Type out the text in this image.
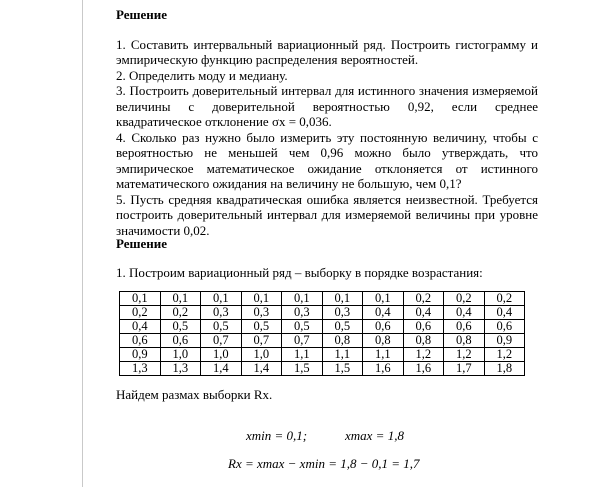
Решение
1. Составить интервальный вариационный ряд. Построить гистограмму и эмпирическую функцию распределения вероятностей.
2. Определить моду и медиану.
3. Построить доверительный интервал для истинного значения измеряемой величины с доверительной вероятностью 0,92, если среднее квадратическое отклонение σx = 0,036.
4. Сколько раз нужно было измерить эту постоянную величину, чтобы с вероятностью не меньшей чем 0,96 можно было утверждать, что эмпирическое математическое ожидание отклоняется от истинного математического ожидания на величину не большую, чем 0,1?
5. Пусть средняя квадратическая ошибка является неизвестной. Требуется построить доверительный интервал для измеряемой величины при уровне значимости 0,02.
Решение
1. Построим вариационный ряд – выборку в порядке возрастания:
0,1	0,1	0,1	0,1	0,1	0,1	0,1	0,2	0,2	0,2
0,2	0,2	0,3	0,3	0,3	0,3	0,4	0,4	0,4	0,4
0,4	0,5	0,5	0,5	0,5	0,5	0,6	0,6	0,6	0,6
0,6	0,6	0,7	0,7	0,7	0,8	0,8	0,8	0,8	0,9
0,9	1,0	1,0	1,0	1,1	1,1	1,1	1,2	1,2	1,2
1,3	1,3	1,4	1,4	1,5	1,5	1,6	1,6	1,7	1,8
Найдем размах выборки Rx.
xmin = 0,1;	xmax = 1,8
Rx = xmax − xmin = 1,8 − 0,1 = 1,7
